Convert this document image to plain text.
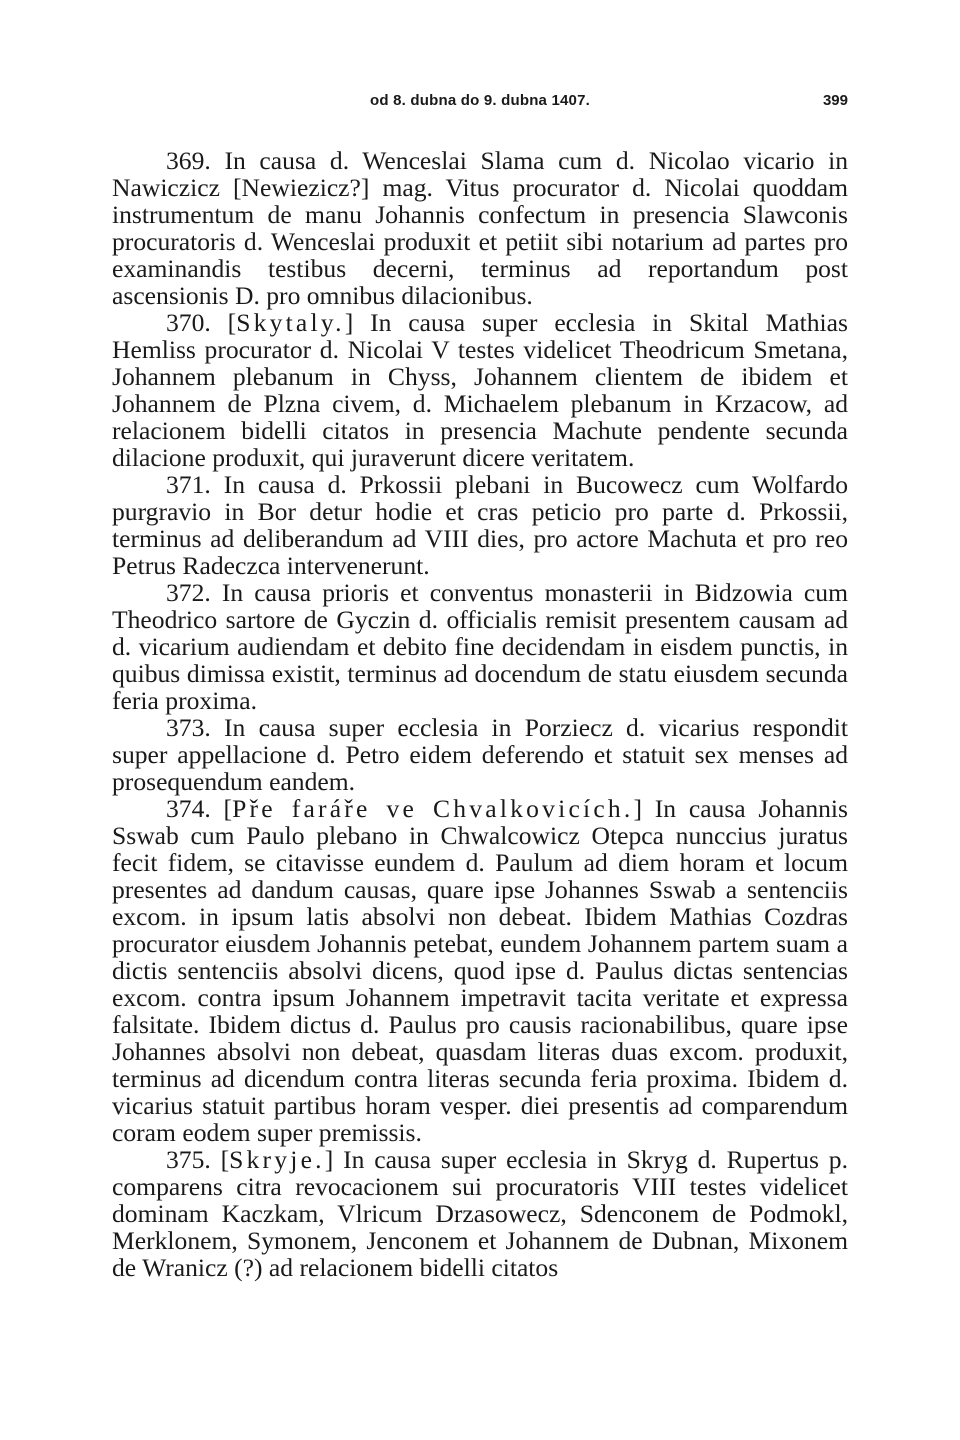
od 8. dubna do 9. dubna 1407.	399

369. In causa d. Wenceslai Slama cum d. Nicolao vicario in Nawiczicz [Newiezicz?] mag. Vitus procurator d. Nicolai quoddam instrumentum de manu Johannis confectum in presencia Slawconis procuratoris d. Wenceslai produxit et petiit sibi notarium ad partes pro examinandis testibus decerni, terminus ad reportandum post ascensionis D. pro omnibus dilacionibus.

370. [Skytaly.] In causa super ecclesia in Skital Mathias Hemliss procurator d. Nicolai V testes videlicet Theodricum Smetana, Johannem plebanum in Chyss, Johannem clientem de ibidem et Johannem de Plzna civem, d. Michaelem plebanum in Krzacow, ad relacionem bidelli citatos in presencia Machute pendente secunda dilacione produxit, qui juraverunt dicere veritatem.

371. In causa d. Prkossii plebani in Bucowecz cum Wolfardo purgravio in Bor detur hodie et cras peticio pro parte d. Prkossii, terminus ad deliberandum ad VIII dies, pro actore Machuta et pro reo Petrus Radeczca intervenerunt.

372. In causa prioris et conventus monasterii in Bidzowia cum Theodrico sartore de Gyczin d. officialis remisit presentem causam ad d. vicarium audiendam et debito fine decidendam in eisdem punctis, in quibus dimissa existit, terminus ad docendum de statu eiusdem secunda feria proxima.

373. In causa super ecclesia in Porziecz d. vicarius respondit super appellacione d. Petro eidem deferendo et statuit sex menses ad prosequendum eandem.

374. [Pře faráře ve Chvalkovicích.] In causa Johannis Sswab cum Paulo plebano in Chwalcowicz Otepca nunccius juratus fecit fidem, se citavisse eundem d. Paulum ad diem horam et locum presentes ad dandum causas, quare ipse Johannes Sswab a sentenciis excom. in ipsum latis absolvi non debeat. Ibidem Mathias Cozdras procurator eiusdem Johannis petebat, eundem Johannem partem suam a dictis sentenciis absolvi dicens, quod ipse d. Paulus dictas sentencias excom. contra ipsum Johannem impetravit tacita veritate et expressa falsitate. Ibidem dictus d. Paulus pro causis racionabilibus, quare ipse Johannes absolvi non debeat, quasdam literas duas excom. produxit, terminus ad dicendum contra literas secunda feria proxima. Ibidem d. vicarius statuit partibus horam vesper. diei presentis ad comparendum coram eodem super premissis.

375. [Skryje.] In causa super ecclesia in Skryg d. Rupertus p. comparens citra revocacionem sui procuratoris VIII testes videlicet dominam Kaczkam, Vlricum Drzasowecz, Sdenconem de Podmokl, Merklonem, Symonem, Jenconem et Johannem de Dubnan, Mixonem de Wranicz (?) ad relacionem bidelli citatos
